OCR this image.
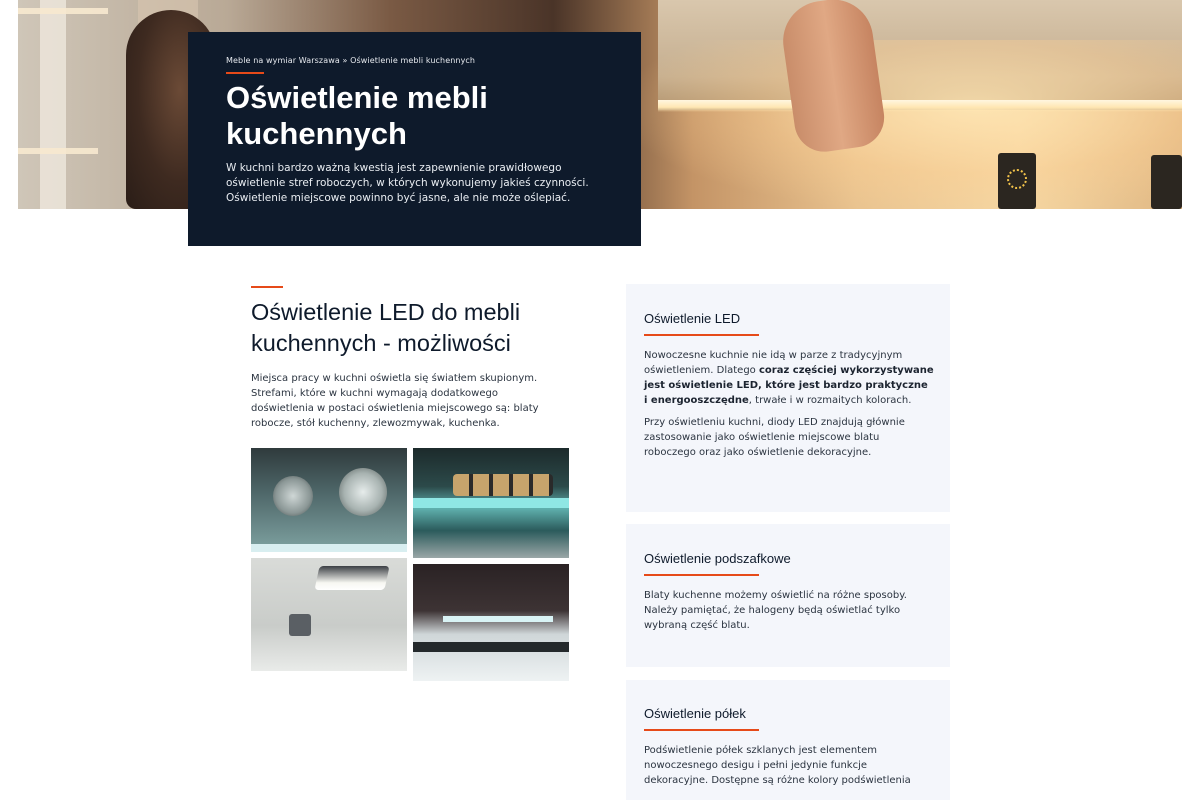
Meble na wymiar Warszawa » Oświetlenie mebli kuchennych
Oświetlenie mebli
kuchennych

W kuchni bardzo ważną kwestią jest zapewnienie prawidłowego oświetlenie stref roboczych, w których wykonujemy jakieś czynności. Oświetlenie miejscowe powinno być jasne, ale nie może oślepiać.

Oświetlenie LED do mebli
kuchennych - możliwości

Miejsca pracy w kuchni oświetla się światłem skupionym. Strefami, które w kuchni wymagają dodatkowego doświetlenia w postaci oświetlenia miejscowego są: blaty robocze, stół kuchenny, zlewozmywak, kuchenka.

Oświetlenie LED

Nowoczesne kuchnie nie idą w parze z tradycyjnym oświetleniem. Dlatego coraz częściej wykorzystywane jest oświetlenie LED, które jest bardzo praktyczne i energooszczędne, trwałe i w rozmaitych kolorach.

Przy oświetleniu kuchni, diody LED znajdują głównie zastosowanie jako oświetlenie miejscowe blatu roboczego oraz jako oświetlenie dekoracyjne.

Oświetlenie podszafkowe

Blaty kuchenne możemy oświetlić na różne sposoby. Należy pamiętać, że halogeny będą oświetlać tylko wybraną część blatu.

Oświetlenie półek

Podświetlenie półek szklanych jest elementem nowoczesnego desigu i pełni jedynie funkcje dekoracyjne. Dostępne są różne kolory podświetlenia
